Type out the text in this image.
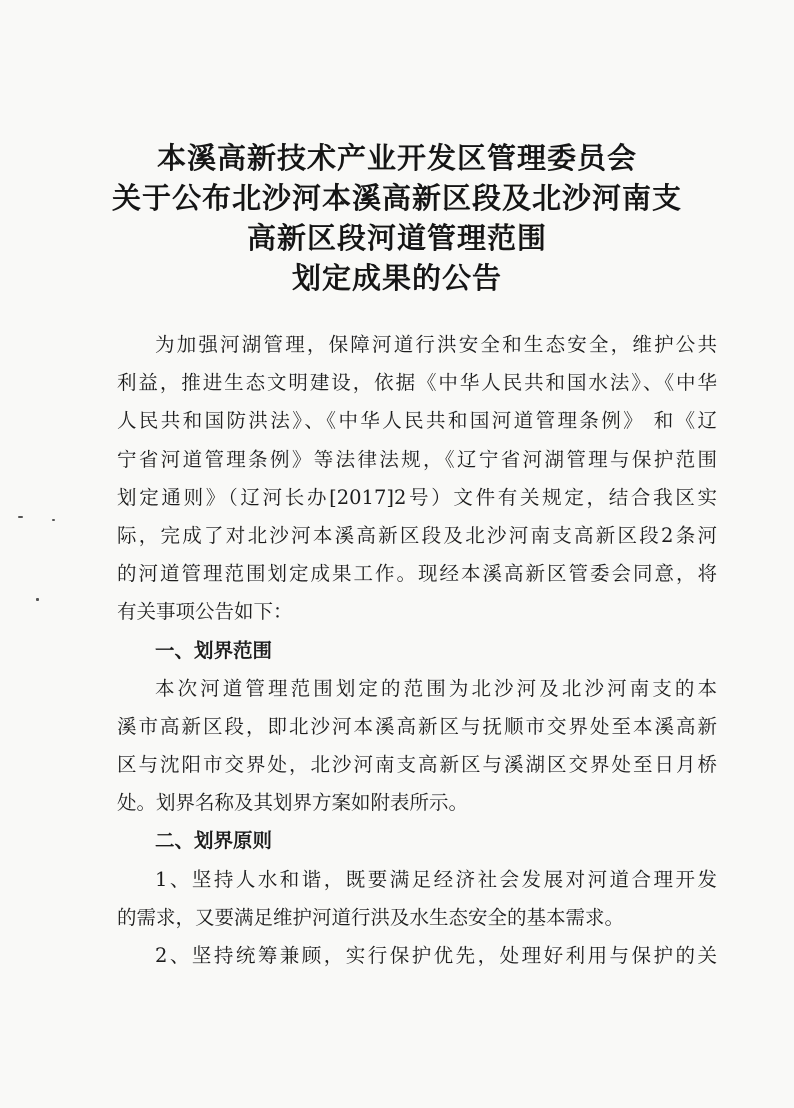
本溪高新技术产业开发区管理委员会
关于公布北沙河本溪高新区段及北沙河南支
高新区段河道管理范围
划定成果的公告
为加强河湖管理，保障河道行洪安全和生态安全，维护公共
利益，推进生态文明建设，依据《中华人民共和国水法》、《中华
人民共和国防洪法》、《中华人民共和国河道管理条例》 和《辽
宁省河道管理条例》等法律法规，《辽宁省河湖管理与保护范围
划定通则》（辽河长办[2017]2号）文件有关规定，结合我区实
际，完成了对北沙河本溪高新区段及北沙河南支高新区段2条河
的河道管理范围划定成果工作。现经本溪高新区管委会同意，将
有关事项公告如下：
一、划界范围
本次河道管理范围划定的范围为北沙河及北沙河南支的本
溪市高新区段，即北沙河本溪高新区与抚顺市交界处至本溪高新
区与沈阳市交界处，北沙河南支高新区与溪湖区交界处至日月桥
处。划界名称及其划界方案如附表所示。
二、划界原则
1、坚持人水和谐，既要满足经济社会发展对河道合理开发
的需求，又要满足维护河道行洪及水生态安全的基本需求。
2、坚持统筹兼顾，实行保护优先，处理好利用与保护的关
